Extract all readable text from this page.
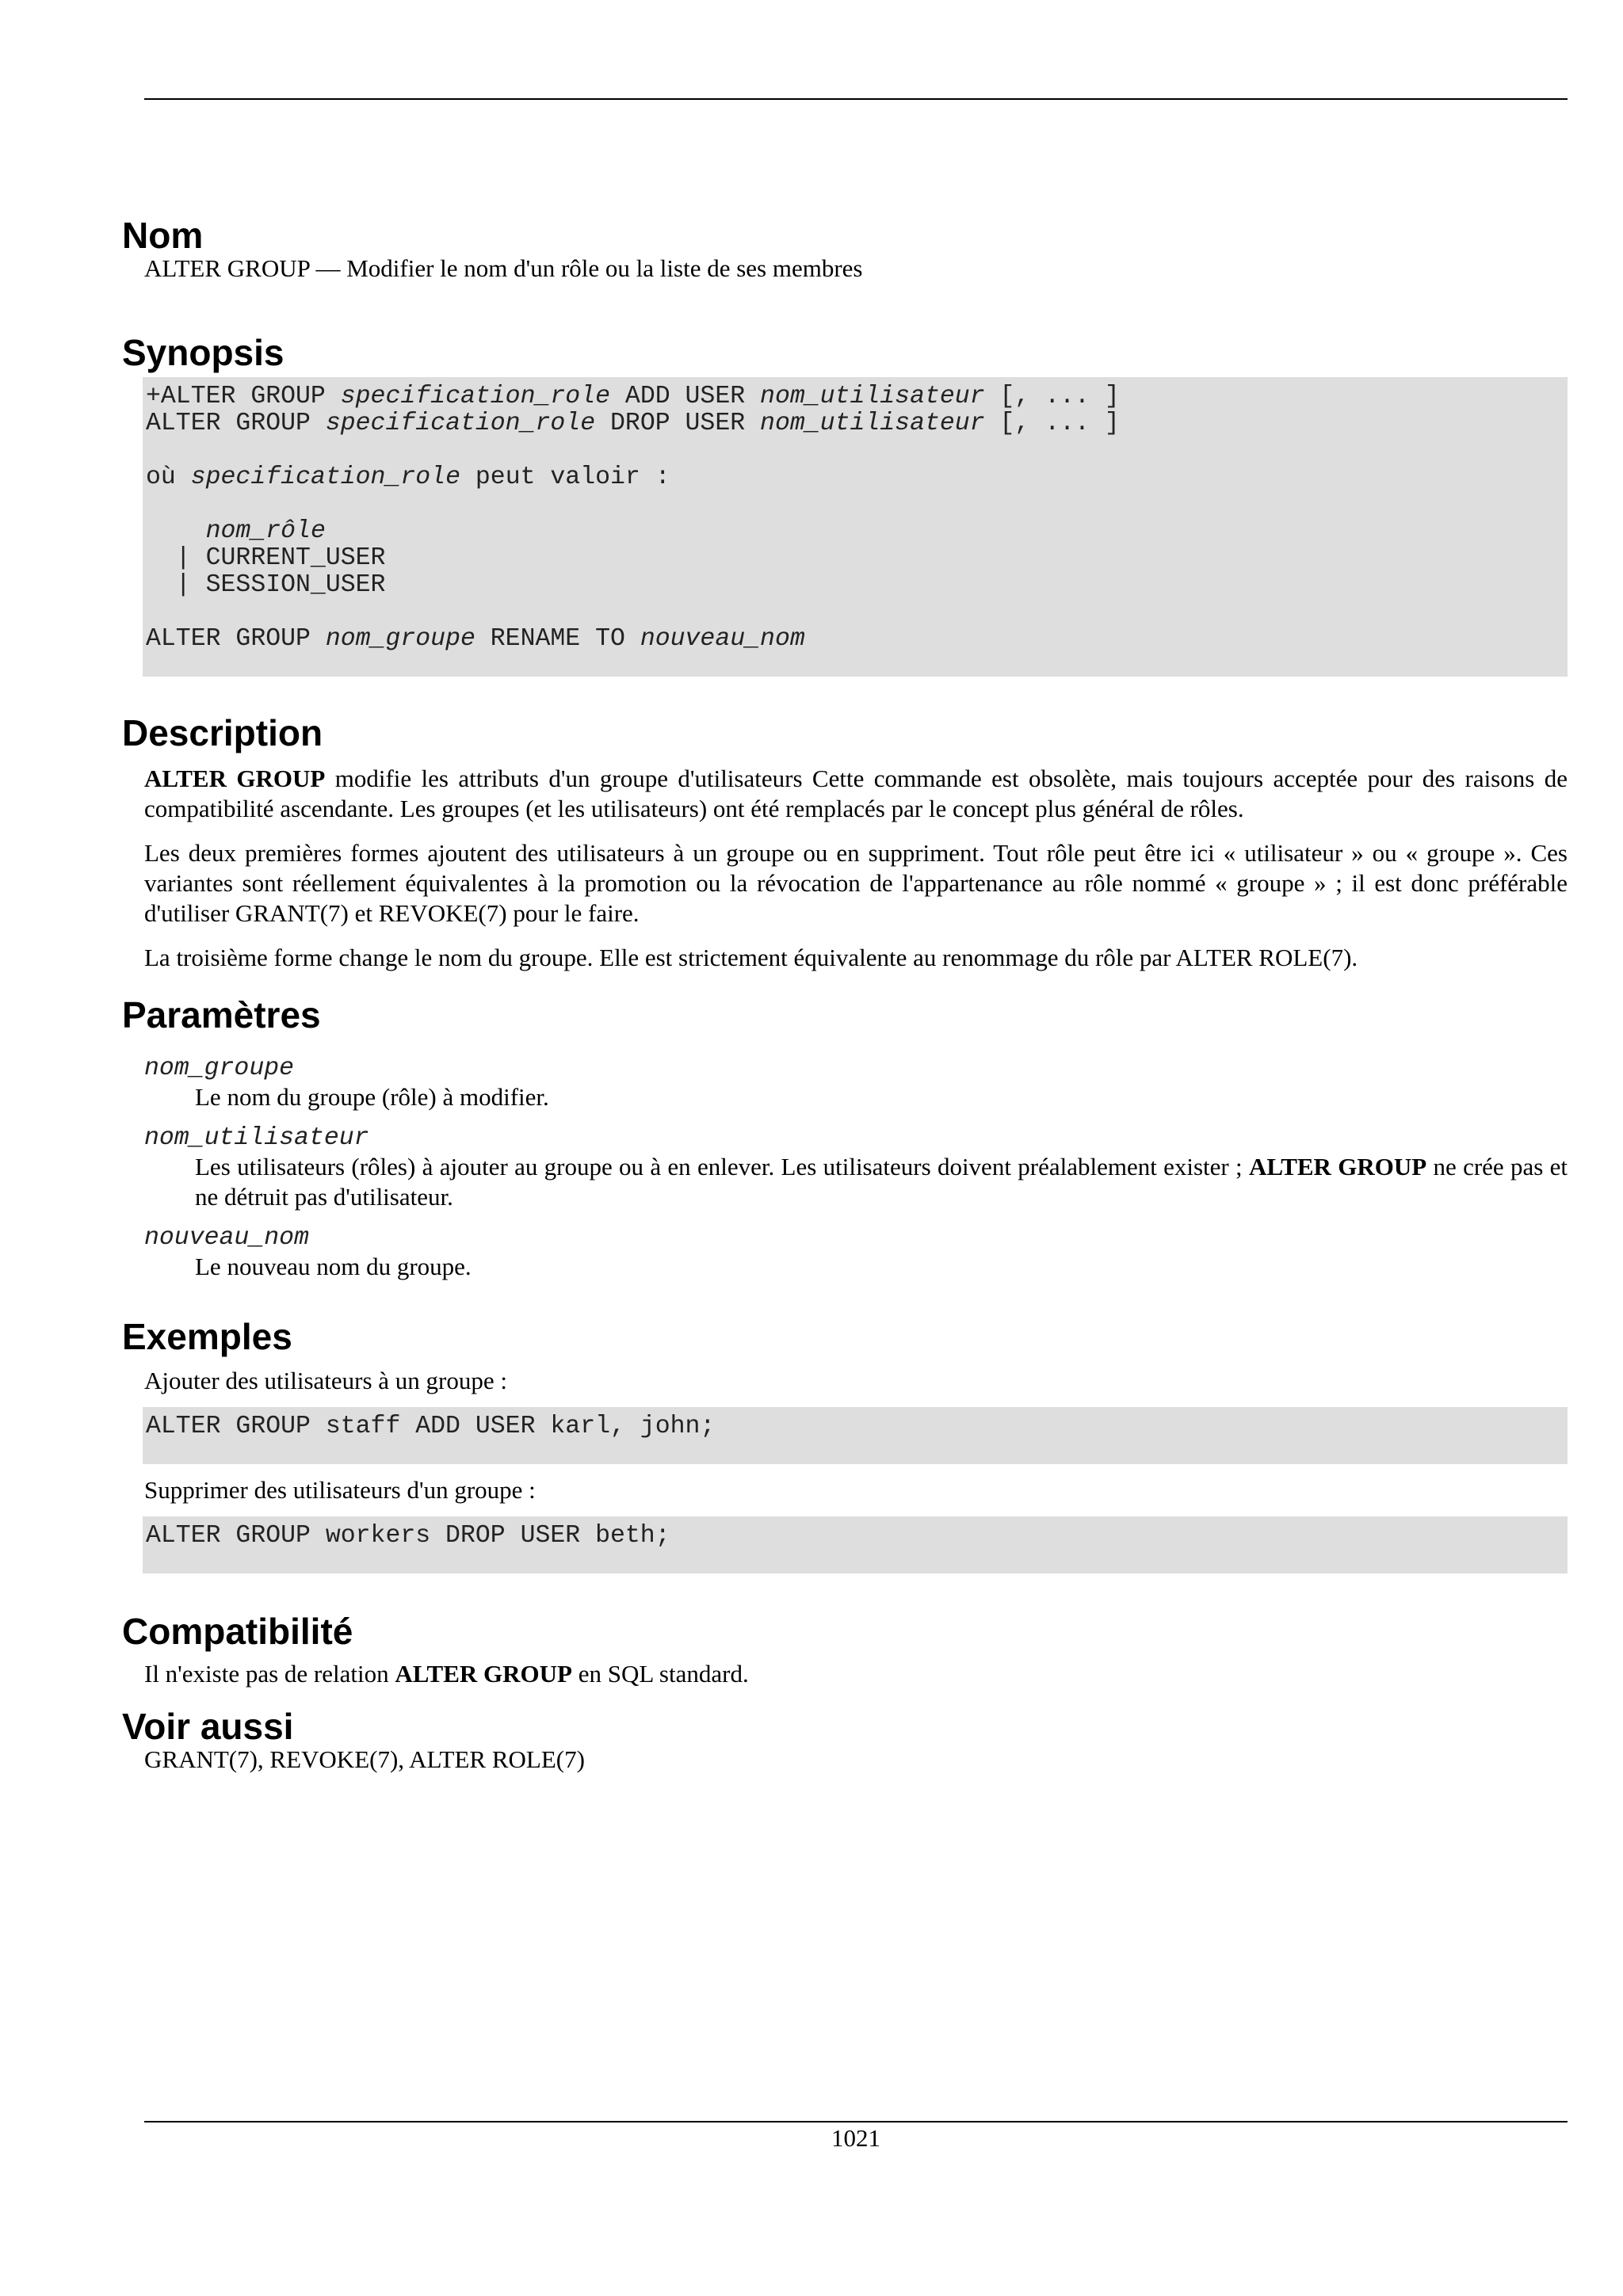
Nom

ALTER GROUP — Modifier le nom d'un rôle ou la liste de ses membres

Synopsis
+ALTER GROUP specification_role ADD USER nom_utilisateur [, ... ]
ALTER GROUP specification_role DROP USER nom_utilisateur [, ... ]

où specification_role peut valoir :

nom_rôle
| CURRENT_USER
| SESSION_USER

ALTER GROUP nom_groupe RENAME TO nouveau_nom
Description

ALTER GROUP modifie les attributs d'un groupe d'utilisateurs Cette commande est obsolète, mais toujours acceptée pour des raisons de compatibilité ascendante. Les groupes (et les utilisateurs) ont été remplacés par le concept plus général de rôles.

Les deux premières formes ajoutent des utilisateurs à un groupe ou en suppriment. Tout rôle peut être ici « utilisateur » ou « groupe ». Ces variantes sont réellement équivalentes à la promotion ou la révocation de l'appartenance au rôle nommé « groupe » ; il est donc préférable d'utiliser GRANT(7) et REVOKE(7) pour le faire.

La troisième forme change le nom du groupe. Elle est strictement équivalente au renommage du rôle par ALTER ROLE(7).

Paramètres
nom_groupe
Le nom du groupe (rôle) à modifier.
nom_utilisateur
Les utilisateurs (rôles) à ajouter au groupe ou à en enlever. Les utilisateurs doivent préalablement exister ; ALTER GROUP ne crée pas et ne détruit pas d'utilisateur.
nouveau_nom
Le nouveau nom du groupe.
Exemples

Ajouter des utilisateurs à un groupe :

ALTER GROUP staff ADD USER karl, john;

Supprimer des utilisateurs d'un groupe :

ALTER GROUP workers DROP USER beth;
Compatibilité

Il n'existe pas de relation ALTER GROUP en SQL standard.

Voir aussi

GRANT(7), REVOKE(7), ALTER ROLE(7)

1021
